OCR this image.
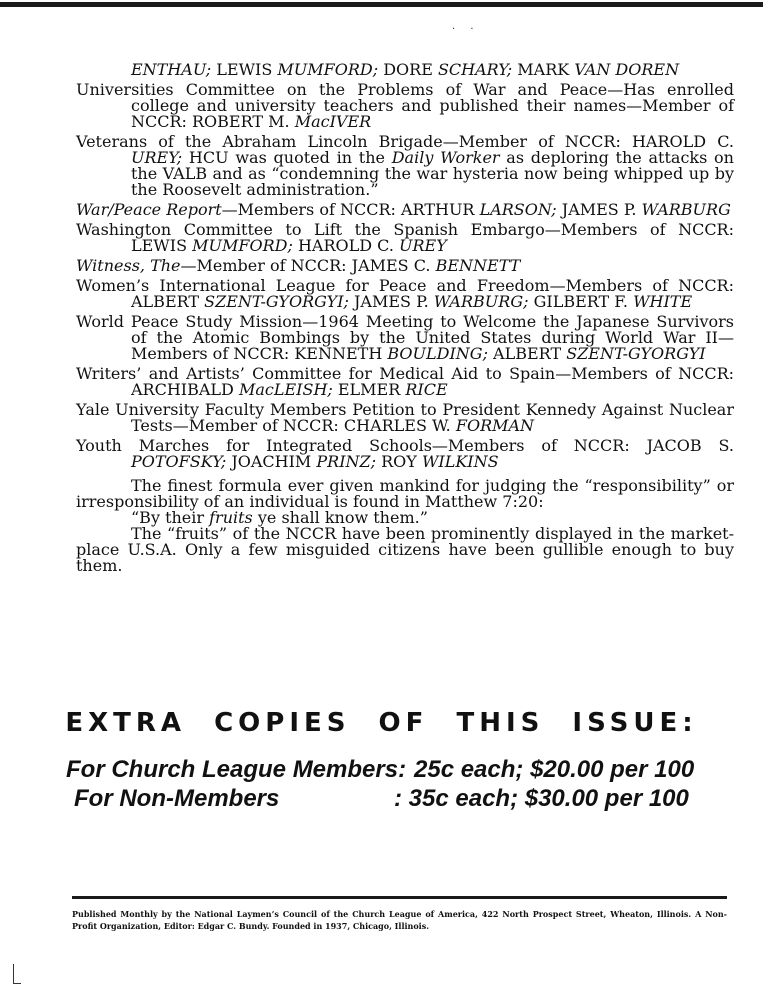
· ·

ENTHAU; LEWIS MUMFORD; DORE SCHARY; MARK VAN DOREN

Universities Committee on the Problems of War and Peace—Has enrolled college and university teachers and published their names—Member of NCCR: ROBERT M. MacIVER

Veterans of the Abraham Lincoln Brigade—Member of NCCR: HAROLD C. UREY; HCU was quoted in the Daily Worker as deploring the attacks on the VALB and as “condemning the war hysteria now being whipped up by the Roosevelt administration.”

War/Peace Report—Members of NCCR: ARTHUR LARSON; JAMES P. WARBURG

Washington Committee to Lift the Spanish Embargo—Members of NCCR: LEWIS MUMFORD; HAROLD C. UREY

Witness, The—Member of NCCR: JAMES C. BENNETT

Women’s International League for Peace and Freedom—Members of NCCR: ALBERT SZENT-GYORGYI; JAMES P. WARBURG; GILBERT F. WHITE

World Peace Study Mission—1964 Meeting to Welcome the Japanese Survivors of the Atomic Bombings by the United States during World War II—Members of NCCR: KENNETH BOULDING; ALBERT SZENT-GYORGYI

Writers’ and Artists’ Committee for Medical Aid to Spain—Members of NCCR: ARCHIBALD MacLEISH; ELMER RICE

Yale University Faculty Members Petition to President Kennedy Against Nuclear Tests—Member of NCCR: CHARLES W. FORMAN

Youth Marches for Integrated Schools—Members of NCCR: JACOB S. POTOFSKY; JOACHIM PRINZ; ROY WILKINS

The finest formula ever given mankind for judging the “responsibility” or irresponsibility of an individual is found in Matthew 7:20:

“By their fruits ye shall know them.”

The “fruits” of the NCCR have been prominently displayed in the market-place U.S.A. Only a few misguided citizens have been gullible enough to buy them.

EXTRA COPIES OF THIS ISSUE:
For Church League Members: 25c each; $20.00 per 100
For Non-Members	: 35c each; $30.00 per 100
Published Monthly by the National Laymen’s Council of the Church League of America, 422 North Prospect Street, Wheaton, Illinois. A Non-Profit Organization, Editor: Edgar C. Bundy. Founded in 1937, Chicago, Illinois.
